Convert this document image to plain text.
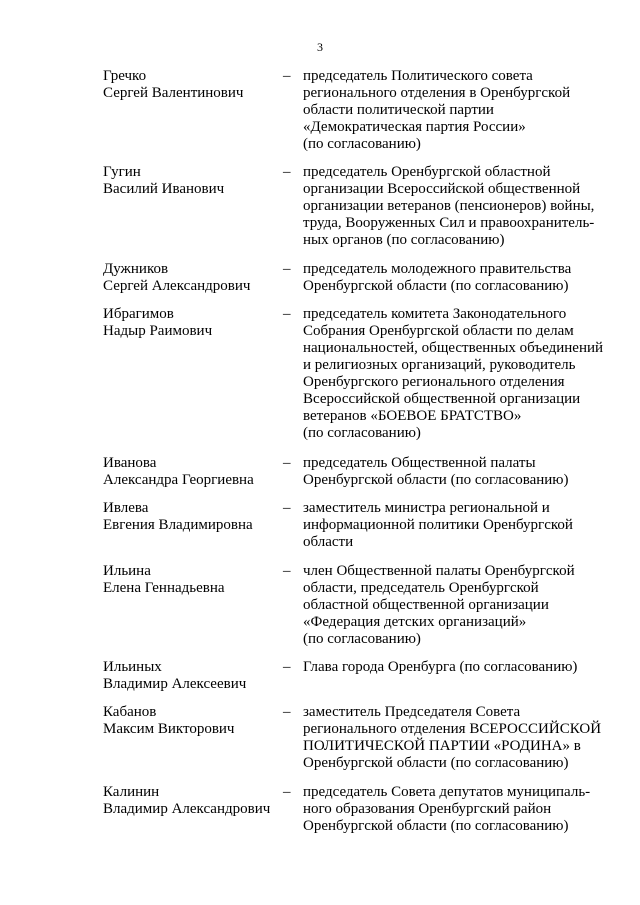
3
Гречко
Сергей Валентинович
– председатель Политического совета
регионального отделения в Оренбургской
области политической партии
«Демократическая партия России»
(по согласованию)
Гугин
Василий Иванович
– председатель Оренбургской областной
организации Всероссийской общественной
организации ветеранов (пенсионеров) войны,
труда, Вооруженных Сил и правоохранитель-
ных органов (по согласованию)
Дужников
Сергей Александрович
– председатель молодежного правительства
Оренбургской области (по согласованию)
Ибрагимов
Надыр Раимович
– председатель комитета Законодательного
Собрания Оренбургской области по делам
национальностей, общественных объединений
и религиозных организаций, руководитель
Оренбургского регионального отделения
Всероссийской общественной организации
ветеранов «БОЕВОЕ БРАТСТВО»
(по согласованию)
Иванова
Александра Георгиевна
– председатель Общественной палаты
Оренбургской области (по согласованию)
Ивлева
Евгения Владимировна
– заместитель министра региональной и
информационной политики Оренбургской
области
Ильина
Елена Геннадьевна
– член Общественной палаты Оренбургской
области, председатель Оренбургской
областной общественной организации
«Федерация детских организаций»
(по согласованию)
Ильиных
Владимир Алексеевич
– Глава города Оренбурга (по согласованию)
Кабанов
Максим Викторович
– заместитель Председателя Совета
регионального отделения ВСЕРОССИЙСКОЙ
ПОЛИТИЧЕСКОЙ ПАРТИИ «РОДИНА» в
Оренбургской области (по согласованию)
Калинин
Владимир Александрович
– председатель Совета депутатов муниципаль-
ного образования Оренбургский район
Оренбургской области (по согласованию)
